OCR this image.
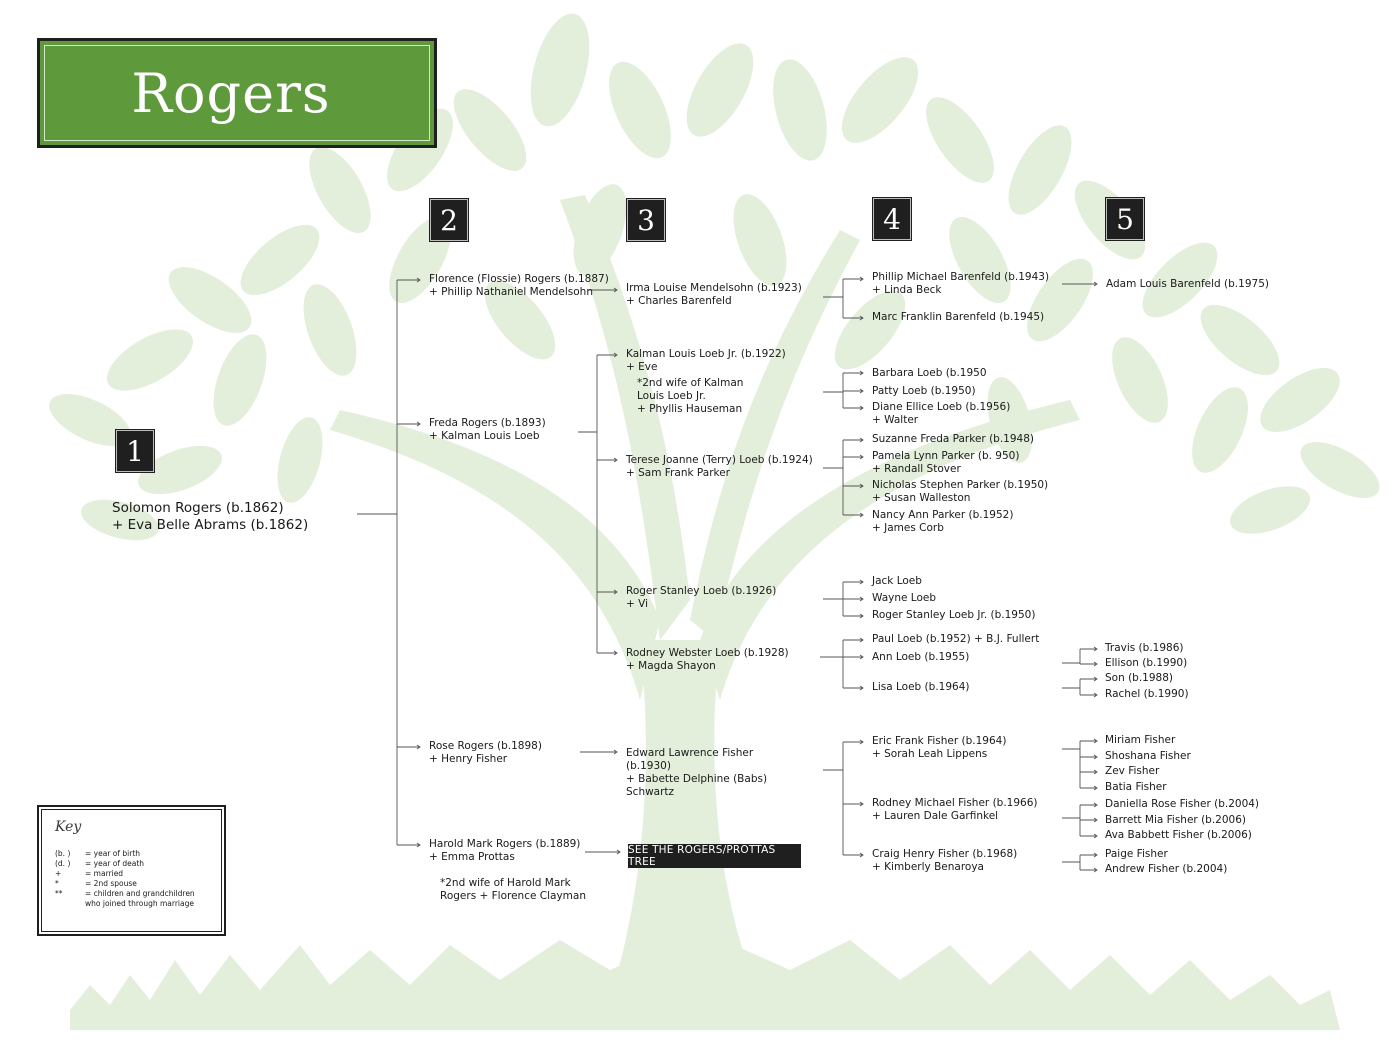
Rogers
1
2	3	4	5
Solomon Rogers (b.1862)
+ Eva Belle Abrams (b.1862)
Florence (Flossie) Rogers (b.1887)
+ Phillip Nathaniel Mendelsohn
Freda Rogers (b.1893)
+ Kalman Louis Loeb
Rose Rogers (b.1898)
+ Henry Fisher
Harold Mark Rogers (b.1889)
+ Emma Prottas
*2nd wife of Harold Mark
Rogers + Florence Clayman
Irma Louise Mendelsohn (b.1923)
+ Charles Barenfeld
Kalman Louis Loeb Jr. (b.1922)
+ Eve
*2nd wife of Kalman
Louis Loeb Jr.
+ Phyllis Hauseman
Terese Joanne (Terry) Loeb (b.1924)
+ Sam Frank Parker
Roger Stanley Loeb (b.1926)
+ Vi
Rodney Webster Loeb (b.1928)
+ Magda Shayon
Edward Lawrence Fisher
(b.1930)
+ Babette Delphine (Babs)
Schwartz
Phillip Michael Barenfeld (b.1943)
+ Linda Beck
Marc Franklin Barenfeld (b.1945)
Barbara Loeb (b.1950
Patty Loeb (b.1950)
Diane Ellice Loeb (b.1956)
+ Walter
Suzanne Freda Parker (b.1948)
Pamela Lynn Parker (b. 950)
+ Randall Stover
Nicholas Stephen Parker (b.1950)
+ Susan Walleston
Nancy Ann Parker (b.1952)
+ James Corb
Jack Loeb
Wayne Loeb
Roger Stanley Loeb Jr. (b.1950)
Paul Loeb (b.1952) + B.J. Fullert
Ann Loeb (b.1955)
Lisa Loeb (b.1964)
Eric Frank Fisher (b.1964)
+ Sorah Leah Lippens
Rodney Michael Fisher (b.1966)
+ Lauren Dale Garfinkel
Craig Henry Fisher (b.1968)
+ Kimberly Benaroya
Adam Louis Barenfeld (b.1975)
Travis (b.1986)
Ellison (b.1990)
Son (b.1988)
Rachel (b.1990)
Miriam Fisher
Shoshana Fisher
Zev Fisher
Batia Fisher
Daniella Rose Fisher (b.2004)
Barrett Mia Fisher (b.2006)
Ava Babbett Fisher (b.2006)
Paige Fisher
Andrew Fisher (b.2004)
SEE THE ROGERS/PROTTAS TREE
Key
(b. )	= year of birth
(d. )	= year of death
+	= married
*	= 2nd spouse
**	= children and grandchildren
who joined through marriage
